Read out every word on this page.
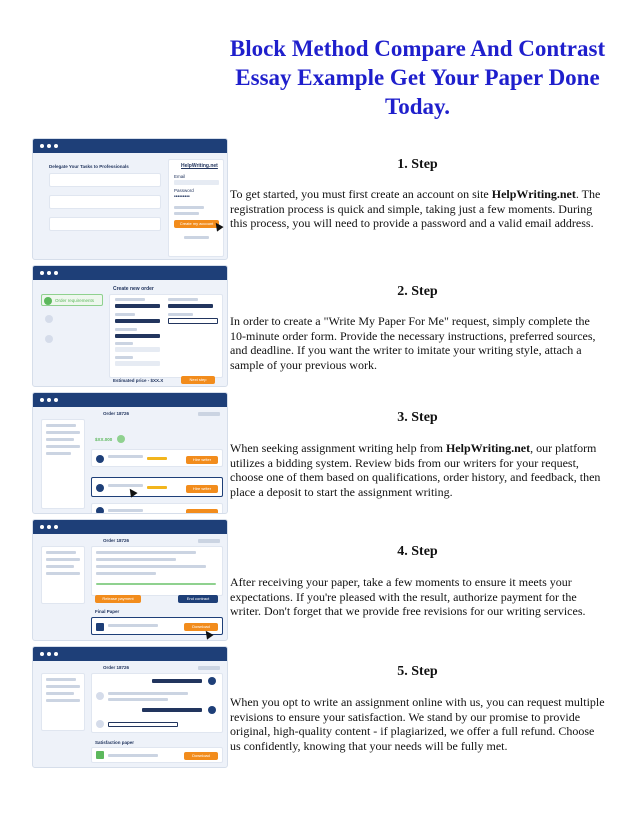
Block Method Compare And Contrast Essay Example Get Your Paper Done Today.
Delegate Your Tasks to Professionals	HelpWriting.net
Email
Password
•••••••••
Create my account
Create new order
Order requirements
Estimated price - $XX.X	Next step
Order 18726
$XX.000
Hire writer
Hire writer
Order 18726
Release payment	End contract
Final Paper
Download
Order 18726
Satisfaction paper
Download
1. Step

To get started, you must first create an account on site HelpWriting.net. The registration process is quick and simple, taking just a few moments. During this process, you will need to provide a password and a valid email address.

2. Step

In order to create a "Write My Paper For Me" request, simply complete the 10-minute order form. Provide the necessary instructions, preferred sources, and deadline. If you want the writer to imitate your writing style, attach a sample of your previous work.

3. Step

When seeking assignment writing help from HelpWriting.net, our platform utilizes a bidding system. Review bids from our writers for your request, choose one of them based on qualifications, order history, and feedback, then place a deposit to start the assignment writing.

4. Step

After receiving your paper, take a few moments to ensure it meets your expectations. If you're pleased with the result, authorize payment for the writer. Don't forget that we provide free revisions for our writing services.

5. Step

When you opt to write an assignment online with us, you can request multiple revisions to ensure your satisfaction. We stand by our promise to provide original, high-quality content - if plagiarized, we offer a full refund. Choose us confidently, knowing that your needs will be fully met.
